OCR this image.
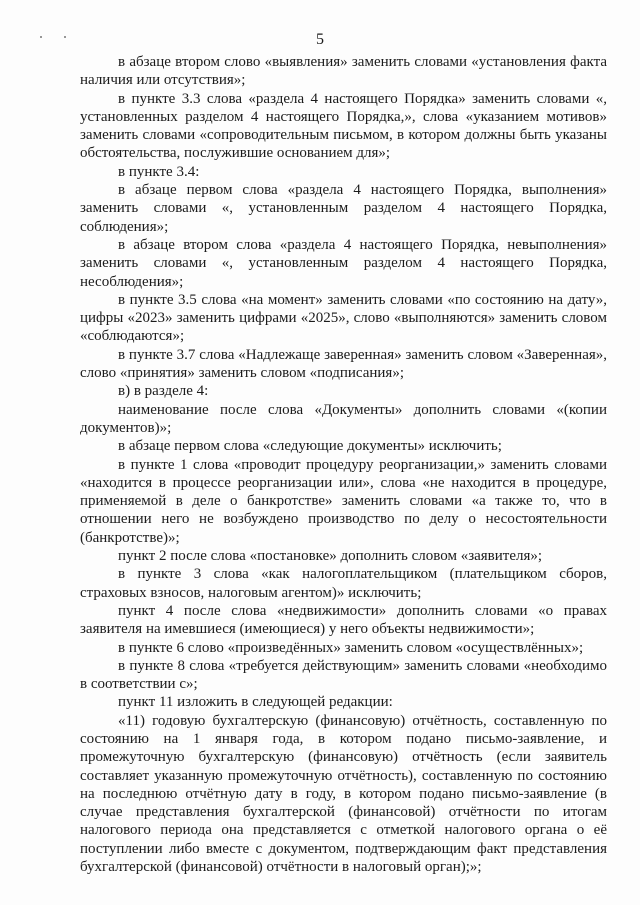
5

в абзаце втором слово «выявления» заменить словами «установления факта наличия или отсутствия»;

в пункте 3.3 слова «раздела 4 настоящего Порядка» заменить словами «, установленных разделом 4 настоящего Порядка,», слова «указанием мотивов» заменить словами «сопроводительным письмом, в котором должны быть указаны обстоятельства, послужившие основанием для»;

в пункте 3.4:

в абзаце первом слова «раздела 4 настоящего Порядка, выполнения» заменить словами «, установленным разделом 4 настоящего Порядка, соблюдения»;

в абзаце втором слова «раздела 4 настоящего Порядка, невыполнения» заменить словами «, установленным разделом 4 настоящего Порядка, несоблюдения»;

в пункте 3.5 слова «на момент» заменить словами «по состоянию на дату», цифры «2023» заменить цифрами «2025», слово «выполняются» заменить словом «соблюдаются»;

в пункте 3.7 слова «Надлежаще заверенная» заменить словом «Заверенная», слово «принятия» заменить словом «подписания»;

в) в разделе 4:

наименование после слова «Документы» дополнить словами «(копии документов)»;

в абзаце первом слова «следующие документы» исключить;

в пункте 1 слова «проводит процедуру реорганизации,» заменить словами «находится в процессе реорганизации или», слова «не находится в процедуре, применяемой в деле о банкротстве» заменить словами «а также то, что в отношении него не возбуждено производство по делу о несостоятельности (банкротстве)»;

пункт 2 после слова «постановке» дополнить словом «заявителя»;

в пункте 3 слова «как налогоплательщиком (плательщиком сборов, страховых взносов, налоговым агентом)» исключить;

пункт 4 после слова «недвижимости» дополнить словами «о правах заявителя на имевшиеся (имеющиеся) у него объекты недвижимости»;

в пункте 6 слово «произведённых» заменить словом «осуществлённых»;

в пункте 8 слова «требуется действующим» заменить словами «необходимо в соответствии с»;

пункт 11 изложить в следующей редакции:

«11) годовую бухгалтерскую (финансовую) отчётность, составленную по состоянию на 1 января года, в котором подано письмо-заявление, и промежуточную бухгалтерскую (финансовую) отчётность (если заявитель составляет указанную промежуточную отчётность), составленную по состоянию на последнюю отчётную дату в году, в котором подано письмо-заявление (в случае представления бухгалтерской (финансовой) отчётности по итогам налогового периода она представляется с отметкой налогового органа о её поступлении либо вместе с документом, подтверждающим факт представления бухгалтерской (финансовой) отчётности в налоговый орган);»;
